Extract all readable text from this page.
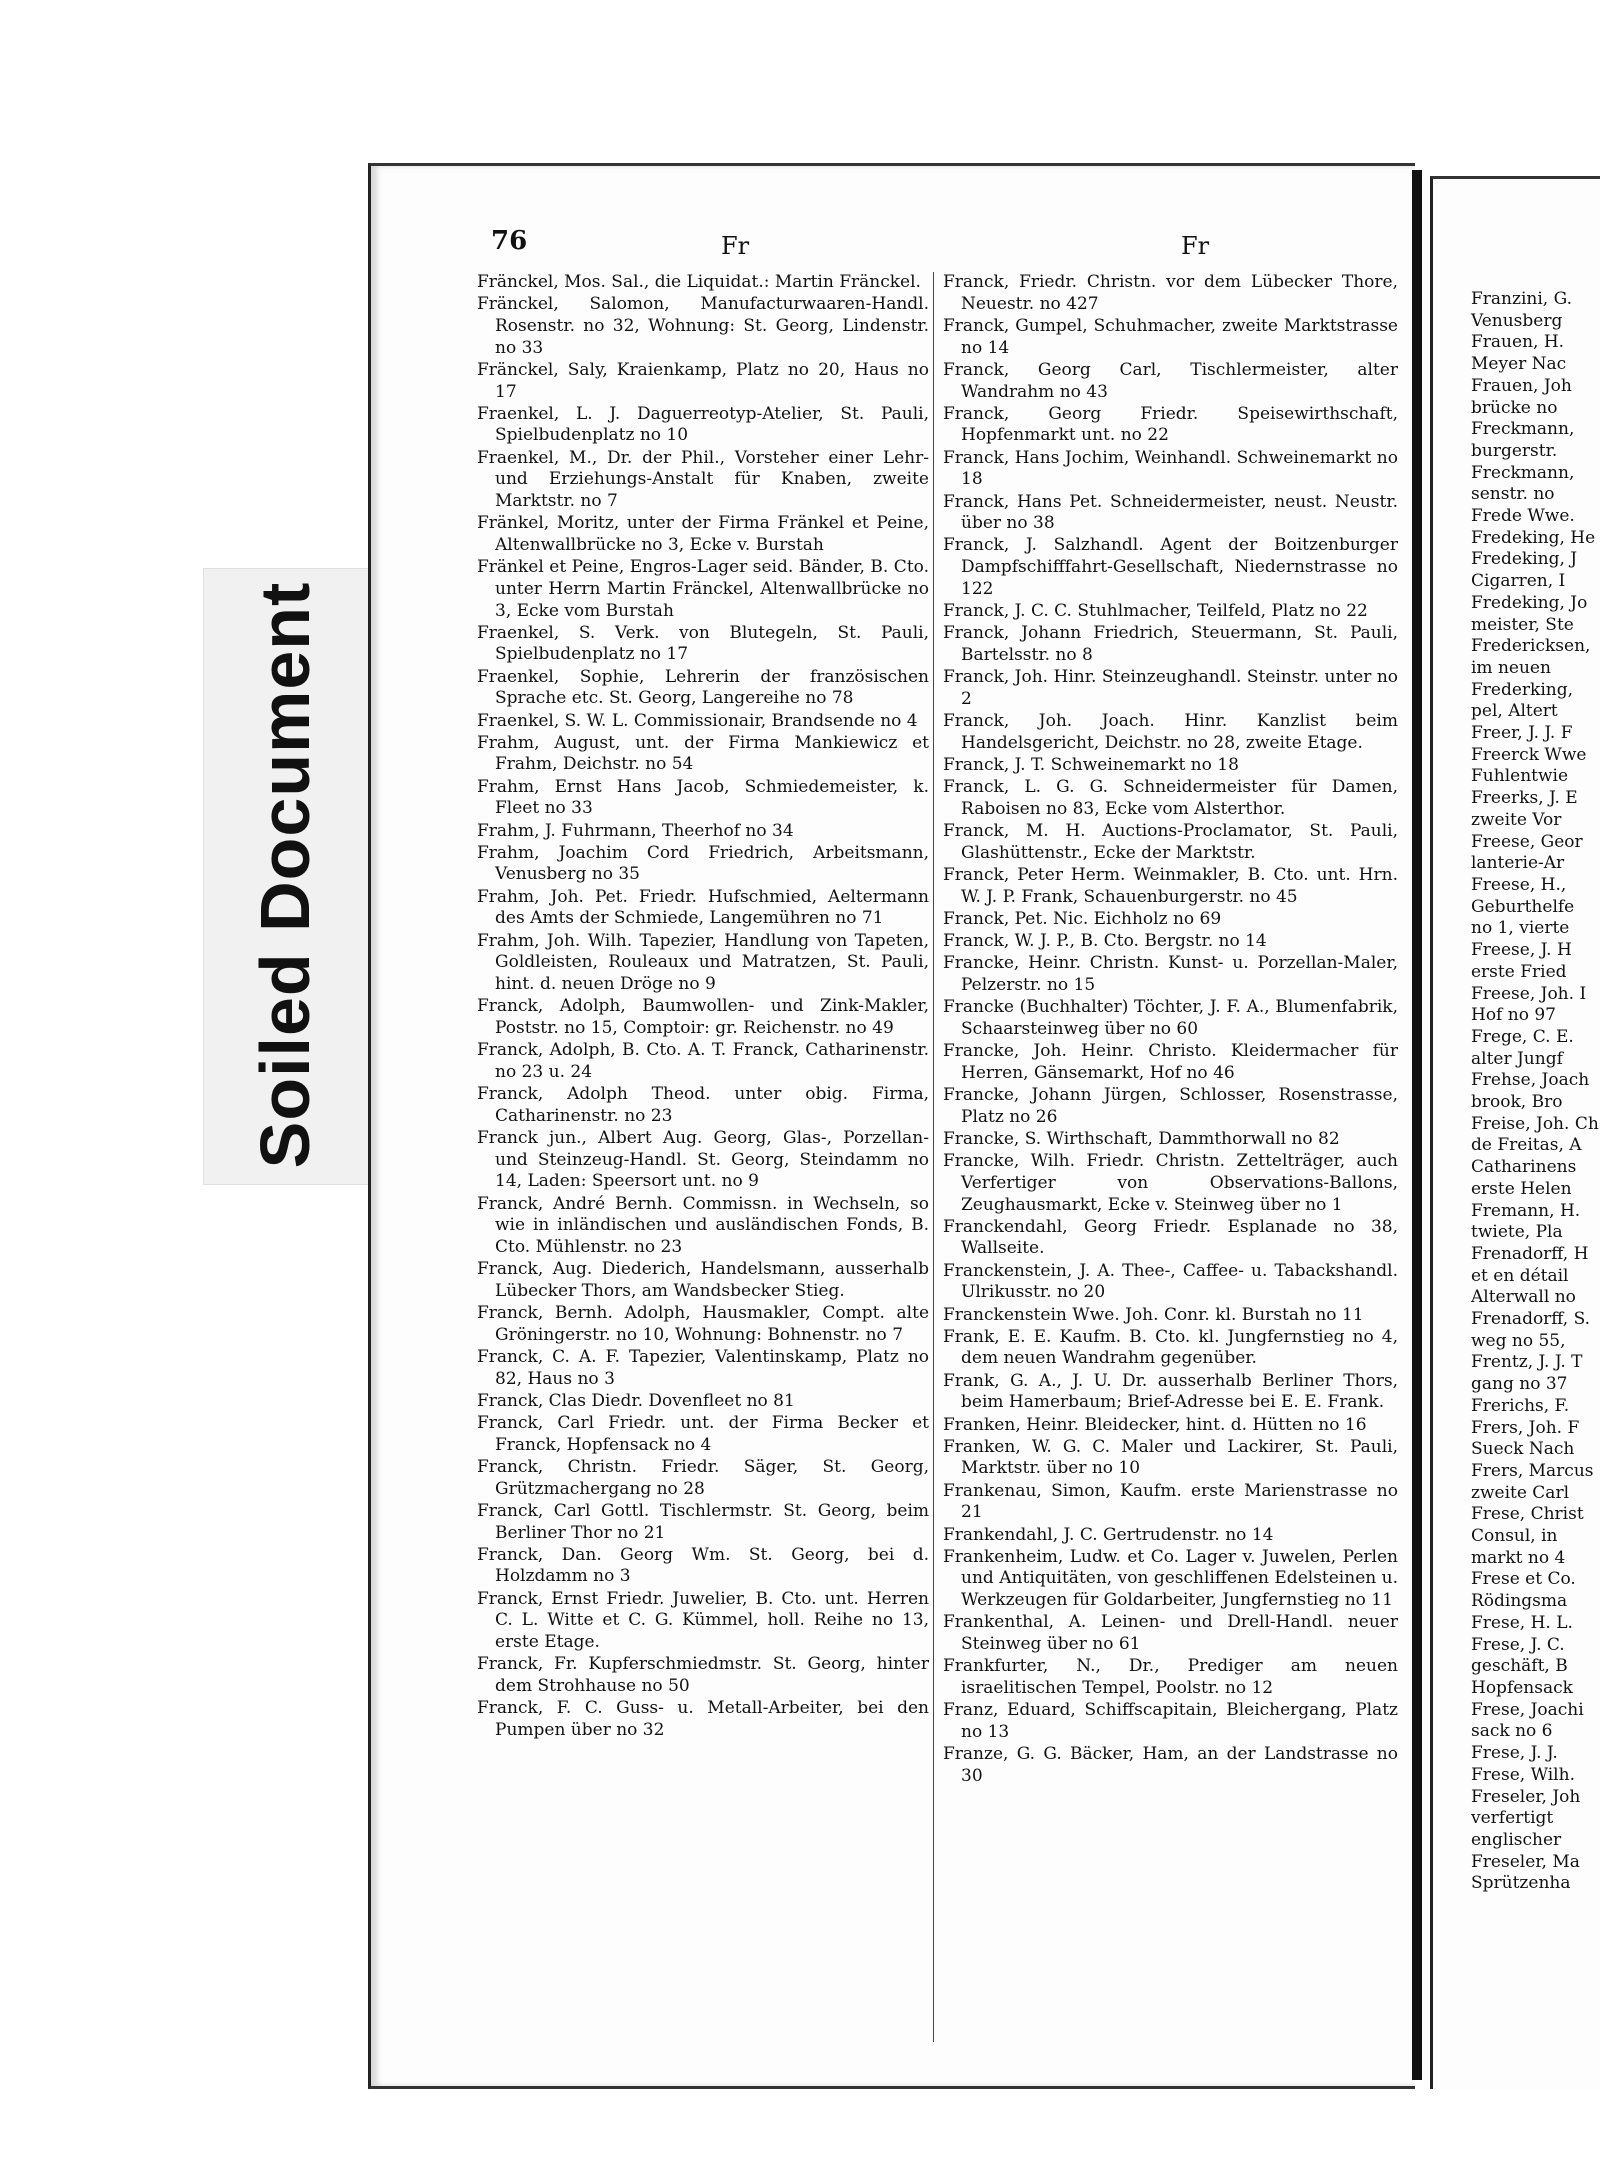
Soiled Document
76	Fr	Fr
Fränckel, Mos. Sal., die Liquidat.: Martin Fränckel.
Fränckel, Salomon, Manufacturwaaren-Handl. Rosenstr. no 32, Wohnung: St. Georg, Lindenstr. no 33
Fränckel, Saly, Kraienkamp, Platz no 20, Haus no 17
Fraenkel, L. J. Daguerreotyp-Atelier, St. Pauli, Spielbudenplatz no 10
Fraenkel, M., Dr. der Phil., Vorsteher einer Lehr- und Erziehungs-Anstalt für Knaben, zweite Marktstr. no 7
Fränkel, Moritz, unter der Firma Fränkel et Peine, Altenwallbrücke no 3, Ecke v. Burstah
Fränkel et Peine, Engros-Lager seid. Bänder, B. Cto. unter Herrn Martin Fränckel, Altenwallbrücke no 3, Ecke vom Burstah
Fraenkel, S. Verk. von Blutegeln, St. Pauli, Spielbudenplatz no 17
Fraenkel, Sophie, Lehrerin der französischen Sprache etc. St. Georg, Langereihe no 78
Fraenkel, S. W. L. Commissionair, Brandsende no 4
Frahm, August, unt. der Firma Mankiewicz et Frahm, Deichstr. no 54
Frahm, Ernst Hans Jacob, Schmiedemeister, k. Fleet no 33
Frahm, J. Fuhrmann, Theerhof no 34
Frahm, Joachim Cord Friedrich, Arbeitsmann, Venusberg no 35
Frahm, Joh. Pet. Friedr. Hufschmied, Aeltermann des Amts der Schmiede, Langemühren no 71
Frahm, Joh. Wilh. Tapezier, Handlung von Tapeten, Goldleisten, Rouleaux und Matratzen, St. Pauli, hint. d. neuen Dröge no 9
Franck, Adolph, Baumwollen- und Zink-Makler, Poststr. no 15, Comptoir: gr. Reichenstr. no 49
Franck, Adolph, B. Cto. A. T. Franck, Catharinenstr. no 23 u. 24
Franck, Adolph Theod. unter obig. Firma, Catharinenstr. no 23
Franck jun., Albert Aug. Georg, Glas-, Porzellan- und Steinzeug-Handl. St. Georg, Steindamm no 14, Laden: Speersort unt. no 9
Franck, André Bernh. Commissn. in Wechseln, so wie in inländischen und ausländischen Fonds, B. Cto. Mühlenstr. no 23
Franck, Aug. Diederich, Handelsmann, ausserhalb Lübecker Thors, am Wandsbecker Stieg.
Franck, Bernh. Adolph, Hausmakler, Compt. alte Gröningerstr. no 10, Wohnung: Bohnenstr. no 7
Franck, C. A. F. Tapezier, Valentinskamp, Platz no 82, Haus no 3
Franck, Clas Diedr. Dovenfleet no 81
Franck, Carl Friedr. unt. der Firma Becker et Franck, Hopfensack no 4
Franck, Christn. Friedr. Säger, St. Georg, Grützmachergang no 28
Franck, Carl Gottl. Tischlermstr. St. Georg, beim Berliner Thor no 21
Franck, Dan. Georg Wm. St. Georg, bei d. Holzdamm no 3
Franck, Ernst Friedr. Juwelier, B. Cto. unt. Herren C. L. Witte et C. G. Kümmel, holl. Reihe no 13, erste Etage.
Franck, Fr. Kupferschmiedmstr. St. Georg, hinter dem Strohhause no 50
Franck, F. C. Guss- u. Metall-Arbeiter, bei den Pumpen über no 32
Franck, Friedr. Christn. vor dem Lübecker Thore, Neuestr. no 427
Franck, Gumpel, Schuhmacher, zweite Marktstrasse no 14
Franck, Georg Carl, Tischlermeister, alter Wandrahm no 43
Franck, Georg Friedr. Speisewirthschaft, Hopfenmarkt unt. no 22
Franck, Hans Jochim, Weinhandl. Schweinemarkt no 18
Franck, Hans Pet. Schneidermeister, neust. Neustr. über no 38
Franck, J. Salzhandl. Agent der Boitzenburger Dampfschifffahrt-Gesellschaft, Niedernstrasse no 122
Franck, J. C. C. Stuhlmacher, Teilfeld, Platz no 22
Franck, Johann Friedrich, Steuermann, St. Pauli, Bartelsstr. no 8
Franck, Joh. Hinr. Steinzeughandl. Steinstr. unter no 2
Franck, Joh. Joach. Hinr. Kanzlist beim Handelsgericht, Deichstr. no 28, zweite Etage.
Franck, J. T. Schweinemarkt no 18
Franck, L. G. G. Schneidermeister für Damen, Raboisen no 83, Ecke vom Alsterthor.
Franck, M. H. Auctions-Proclamator, St. Pauli, Glashüttenstr., Ecke der Marktstr.
Franck, Peter Herm. Weinmakler, B. Cto. unt. Hrn. W. J. P. Frank, Schauenburgerstr. no 45
Franck, Pet. Nic. Eichholz no 69
Franck, W. J. P., B. Cto. Bergstr. no 14
Francke, Heinr. Christn. Kunst- u. Porzellan-Maler, Pelzerstr. no 15
Francke (Buchhalter) Töchter, J. F. A., Blumenfabrik, Schaarsteinweg über no 60
Francke, Joh. Heinr. Christo. Kleidermacher für Herren, Gänsemarkt, Hof no 46
Francke, Johann Jürgen, Schlosser, Rosenstrasse, Platz no 26
Francke, S. Wirthschaft, Dammthorwall no 82
Francke, Wilh. Friedr. Christn. Zettelträger, auch Verfertiger von Observations-Ballons, Zeughausmarkt, Ecke v. Steinweg über no 1
Franckendahl, Georg Friedr. Esplanade no 38, Wallseite.
Franckenstein, J. A. Thee-, Caffee- u. Tabackshandl. Ulrikusstr. no 20
Franckenstein Wwe. Joh. Conr. kl. Burstah no 11
Frank, E. E. Kaufm. B. Cto. kl. Jungfernstieg no 4, dem neuen Wandrahm gegenüber.
Frank, G. A., J. U. Dr. ausserhalb Berliner Thors, beim Hamerbaum; Brief-Adresse bei E. E. Frank.
Franken, Heinr. Bleidecker, hint. d. Hütten no 16
Franken, W. G. C. Maler und Lackirer, St. Pauli, Marktstr. über no 10
Frankenau, Simon, Kaufm. erste Marienstrasse no 21
Frankendahl, J. C. Gertrudenstr. no 14
Frankenheim, Ludw. et Co. Lager v. Juwelen, Perlen und Antiquitäten, von geschliffenen Edelsteinen u. Werkzeugen für Goldarbeiter, Jungfernstieg no 11
Frankenthal, A. Leinen- und Drell-Handl. neuer Steinweg über no 61
Frankfurter, N., Dr., Prediger am neuen israelitischen Tempel, Poolstr. no 12
Franz, Eduard, Schiffscapitain, Bleichergang, Platz no 13
Franze, G. G. Bäcker, Ham, an der Landstrasse no 30
Franzini, G.
Venusberg
Frauen, H.
Meyer Nac
Frauen, Joh
brücke no
Freckmann,
burgerstr.
Freckmann,
senstr. no
Frede Wwe.
Fredeking, He
Fredeking, J
Cigarren, I
Fredeking, Jo
meister, Ste
Fredericksen,
im neuen
Frederking,
pel, Altert
Freer, J. J. F
Freerck Wwe
Fuhlentwie
Freerks, J. E
zweite Vor
Freese, Geor
lanterie-Ar
Freese, H.,
Geburthelfe
no 1, vierte
Freese, J. H
erste Fried
Freese, Joh. I
Hof no 97
Frege, C. E.
alter Jungf
Frehse, Joach
brook, Bro
Freise, Joh. Ch
de Freitas, A
Catharinens
erste Helen
Fremann, H.
twiete, Pla
Frenadorff, H
et en détail
Alterwall no
Frenadorff, S.
weg no 55,
Frentz, J. J. T
gang no 37
Frerichs, F.
Frers, Joh. F
Sueck Nach
Frers, Marcus
zweite Carl
Frese, Christ
Consul, in
markt no 4
Frese et Co.
Rödingsma
Frese, H. L.
Frese, J. C.
geschäft, B
Hopfensack
Frese, Joachi
sack no 6
Frese, J. J.
Frese, Wilh.
Freseler, Joh
verfertigt
englischer
Freseler, Ma
Sprützenha
